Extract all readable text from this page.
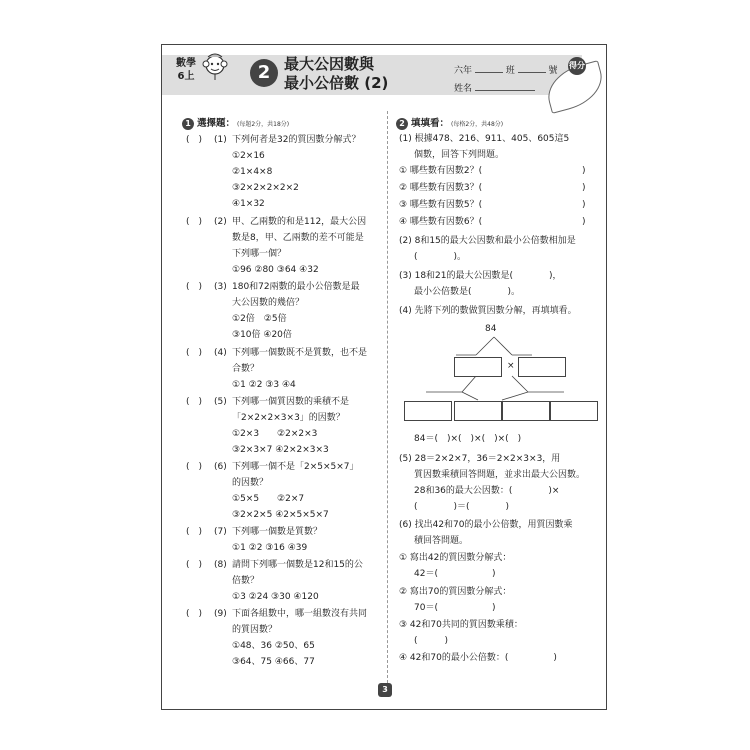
數學
6上	2 最大公因數與
最小公倍數 (2)
六年	班	號
姓名
得分
1 選擇題： (每題2分，共18分)
(　) (1) 下列何者是32的質因數分解式？
①2×16
②1×4×8
③2×2×2×2×2
④1×32
(　) (2) 甲、乙兩數的和是112，最大公因
數是8，甲、乙兩數的差不可能是
下列哪一個？
①96 ②80 ③64 ④32
(　) (3) 180和72兩數的最小公倍數是最
大公因數的幾倍？
①2倍　②5倍
③10倍 ④20倍
(　) (4) 下列哪一個數既不是質數，也不是
合數？
①1 ②2 ③3 ④4
(　) (5) 下列哪一個質因數的乘積不是
「2×2×2×3×3」的因數？
①2×3　　②2×2×3
③2×3×7 ④2×2×3×3
(　) (6) 下列哪一個不是「2×5×5×7」
的因數？
①5×5　　②2×7
③2×2×5 ④2×5×5×7
(　) (7) 下列哪一個數是質數？
①1 ②2 ③16 ④39
(　) (8) 請問下列哪一個數是12和15的公
倍數？
①3 ②24 ③30 ④120
(　) (9) 下面各組數中，哪一組數沒有共同
的質因數？
①48、36 ②50、65
③64、75 ④66、77
2 填填看： (每格2分，共48分)
(1) 根據478、216、911、405、605這5
個數，回答下列問題。
① 哪些數有因數2？(	)
② 哪些數有因數3？(	)
③ 哪些數有因數5？(	)
④ 哪些數有因數6？(	)
(2) 8和15的最大公因數和最小公倍數相加是
(　　　　)。
(3) 18和21的最大公因數是(　　　　)，
最小公倍數是(　　　　)。
(4) 先將下列的數做質因數分解，再填填看。
84
×
84＝(　)×(　)×(　)×(　)
(5) 28＝2×2×7，36＝2×2×3×3，用
質因數乘積回答問題，並求出最大公因數。
28和36的最大公因數：(　　　　)×
(　　　　)＝(　　　　)
(6) 找出42和70的最小公倍數，用質因數乘
積回答問題。
① 寫出42的質因數分解式：
42＝(　　　　　　)
② 寫出70的質因數分解式：
70＝(　　　　　　)
③ 42和70共同的質因數乘積：
(　　　)
④ 42和70的最小公倍數：(　　　　　)
3
